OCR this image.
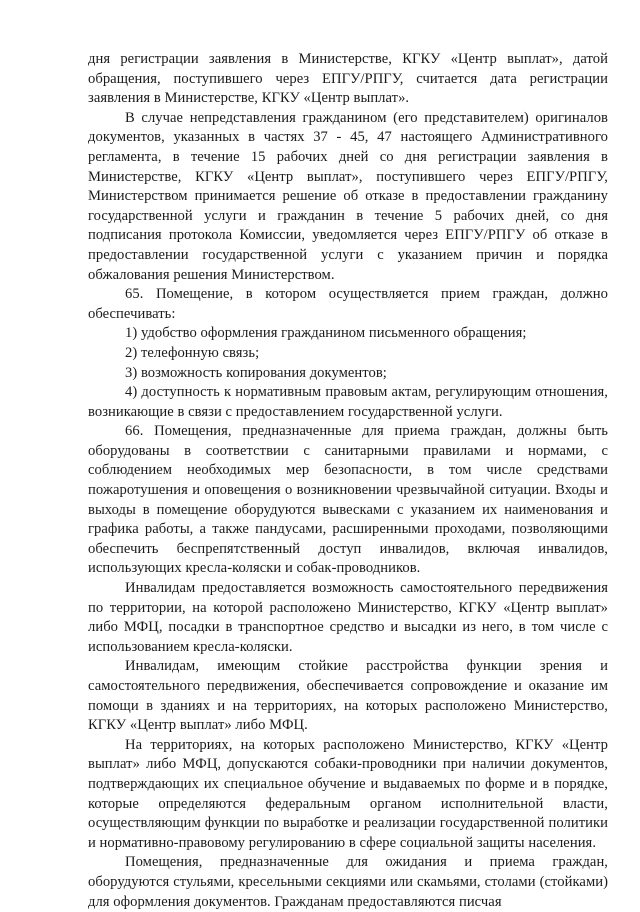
дня регистрации заявления в Министерстве, КГКУ «Центр выплат», датой обращения, поступившего через ЕПГУ/РПГУ, считается дата регистрации заявления в Министерстве, КГКУ «Центр выплат».

В случае непредставления гражданином (его представителем) оригиналов документов, указанных в частях 37 - 45, 47 настоящего Административного регламента, в течение 15 рабочих дней со дня регистрации заявления в Министерстве, КГКУ «Центр выплат», поступившего через ЕПГУ/РПГУ, Министерством принимается решение об отказе в предоставлении гражданину государственной услуги и гражданин в течение 5 рабочих дней, со дня подписания протокола Комиссии, уведомляется через ЕПГУ/РПГУ об отказе в предоставлении государственной услуги с указанием причин и порядка обжалования решения Министерством.

65. Помещение, в котором осуществляется прием граждан, должно обеспечивать:

1) удобство оформления гражданином письменного обращения;

2) телефонную связь;

3) возможность копирования документов;

4) доступность к нормативным правовым актам, регулирующим отношения, возникающие в связи с предоставлением государственной услуги.

66. Помещения, предназначенные для приема граждан, должны быть оборудованы в соответствии с санитарными правилами и нормами, с соблюдением необходимых мер безопасности, в том числе средствами пожаротушения и оповещения о возникновении чрезвычайной ситуации. Входы и выходы в помещение оборудуются вывесками с указанием их наименования и графика работы, а также пандусами, расширенными проходами, позволяющими обеспечить беспрепятственный доступ инвалидов, включая инвалидов, использующих кресла-коляски и собак-проводников.

Инвалидам предоставляется возможность самостоятельного передвижения по территории, на которой расположено Министерство, КГКУ «Центр выплат» либо МФЦ, посадки в транспортное средство и высадки из него, в том числе с использованием кресла-коляски.

Инвалидам, имеющим стойкие расстройства функции зрения и самостоятельного передвижения, обеспечивается сопровождение и оказание им помощи в зданиях и на территориях, на которых расположено Министерство, КГКУ «Центр выплат» либо МФЦ.

На территориях, на которых расположено Министерство, КГКУ «Центр выплат» либо МФЦ, допускаются собаки-проводники при наличии документов, подтверждающих их специальное обучение и выдаваемых по форме и в порядке, которые определяются федеральным органом исполнительной власти, осуществляющим функции по выработке и реализации государственной политики и нормативно-правовому регулированию в сфере социальной защиты населения.

Помещения, предназначенные для ожидания и приема граждан, оборудуются стульями, кресельными секциями или скамьями, столами (стойками) для оформления документов. Гражданам предоставляются писчая
